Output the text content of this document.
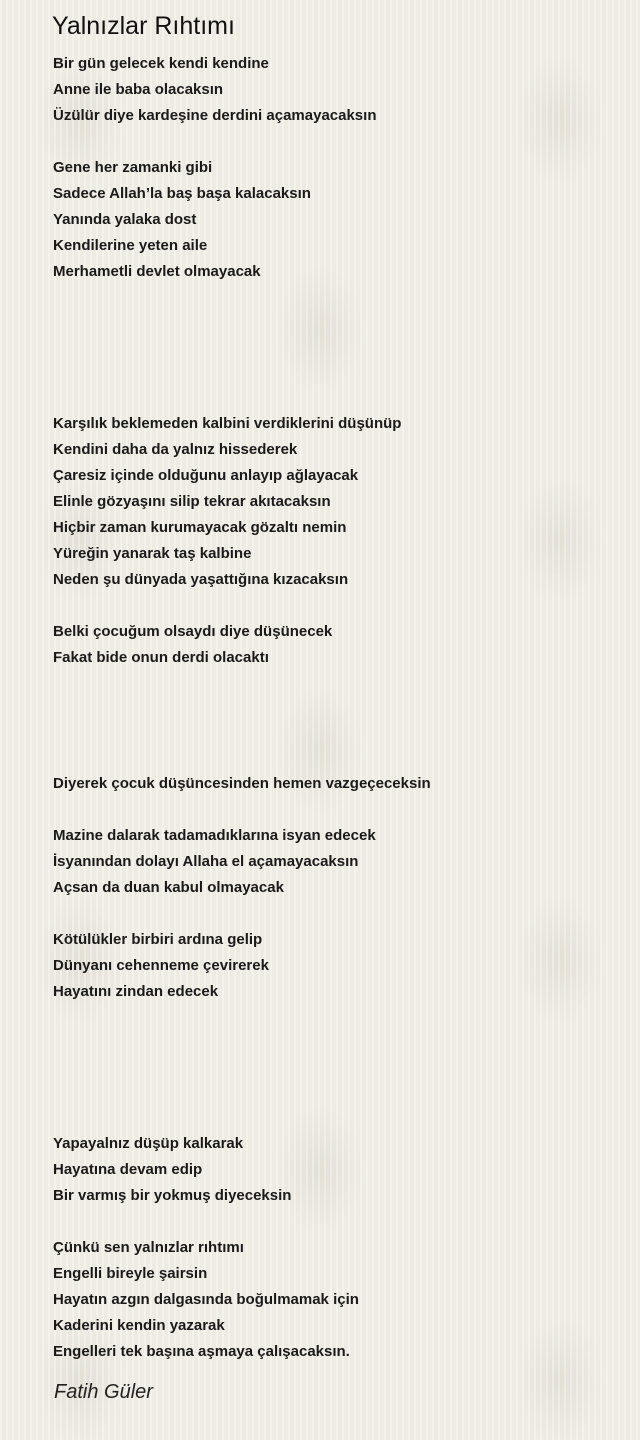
Yalnızlar Rıhtımı
Bir gün gelecek kendi kendine
Anne ile baba olacaksın
Üzülür diye kardeşine derdini açamayacaksın
Gene her zamanki gibi
Sadece Allah’la baş başa kalacaksın
Yanında yalaka dost
Kendilerine yeten aile
Merhametli devlet olmayacak
Karşılık beklemeden kalbini verdiklerini düşünüp
Kendini daha da yalnız hissederek
Çaresiz içinde olduğunu anlayıp ağlayacak
Elinle gözyaşını silip tekrar akıtacaksın
Hiçbir zaman kurumayacak gözaltı nemin
Yüreğin yanarak taş kalbine
Neden şu dünyada yaşattığına kızacaksın
Belki çocuğum olsaydı diye düşünecek
Fakat bide onun derdi olacaktı
Diyerek çocuk düşüncesinden hemen vazgeçeceksin
Mazine dalarak tadamadıklarına isyan edecek
İsyanından dolayı Allaha el açamayacaksın
Açsan da duan kabul olmayacak
Kötülükler birbiri ardına gelip
Dünyanı cehenneme çevirerek
Hayatını zindan edecek
Yapayalnız düşüp kalkarak
Hayatına devam edip
Bir varmış bir yokmuş diyeceksin
Çünkü sen yalnızlar rıhtımı
Engelli bireyle şairsin
Hayatın azgın dalgasında boğulmamak için
Kaderini kendin yazarak
Engelleri tek başına aşmaya çalışacaksın.
Fatih Güler
